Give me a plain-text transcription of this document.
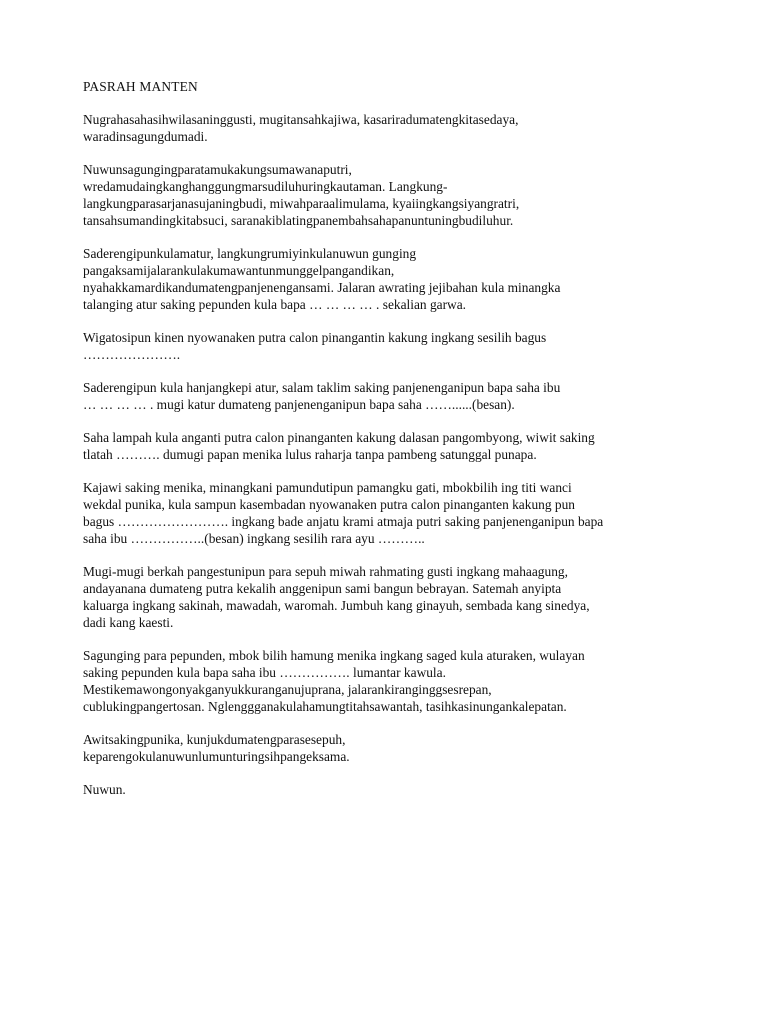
PASRAH MANTEN

Nugrahasahasihwilasaninggusti, mugitansahkajiwa, kasariradumatengkitasedaya,
waradinsagungdumadi.

Nuwunsagungingparatamukakungsumawanaputri,
wredamudaingkanghanggungmarsudiluhuringkautaman. Langkung-
langkungparasarjanasujaningbudi, miwahparaalimulama, kyaiingkangsiyangratri,
tansahsumandingkitabsuci, saranakiblatingpanembahsahapanuntuningbudiluhur.

Saderengipunkulamatur, langkungrumiyinkulanuwun gunging
pangaksamijalarankulakumawantunmunggelpangandikan,
nyahakkamardikandumatengpanjenengansami. Jalaran awrating jejibahan kula minangka
talanging atur saking pepunden kula bapa … … … … . sekalian garwa.

Wigatosipun kinen nyowanaken putra calon pinangantin kakung ingkang sesilih bagus
………………….

Saderengipun kula hanjangkepi atur, salam taklim saking panjenenganipun bapa saha ibu
… … … … . mugi katur dumateng panjenenganipun bapa saha ……......(besan).

Saha lampah kula anganti putra calon pinanganten kakung dalasan pangombyong, wiwit saking
tlatah ………. dumugi papan menika lulus raharja tanpa pambeng satunggal punapa.

Kajawi saking menika, minangkani pamundutipun pamangku gati, mbokbilih ing titi wanci
wekdal punika, kula sampun kasembadan nyowanaken putra calon pinanganten kakung pun
bagus ……………………. ingkang bade anjatu krami atmaja putri saking panjenenganipun bapa
saha ibu ……………..(besan) ingkang sesilih rara ayu ………..

Mugi-mugi berkah pangestunipun para sepuh miwah rahmating gusti ingkang mahaagung,
andayanana dumateng putra kekalih anggenipun sami bangun bebrayan. Satemah anyipta
kaluarga ingkang sakinah, mawadah, waromah. Jumbuh kang ginayuh, sembada kang sinedya,
dadi kang kaesti.

Sagunging para pepunden, mbok bilih hamung menika ingkang saged kula aturaken, wulayan
saking pepunden kula bapa saha ibu ……………. lumantar kawula.
Mestikemawongonyakganyukkuranganujuprana, jalarankiranginggsesrepan,
cublukingpangertosan. Nglenggganakulahamungtitahsawantah, tasihkasinungankalepatan.

Awitsakingpunika, kunjukdumatengparasesepuh,
keparengokulanuwunlumunturingsihpangeksama.

Nuwun.
